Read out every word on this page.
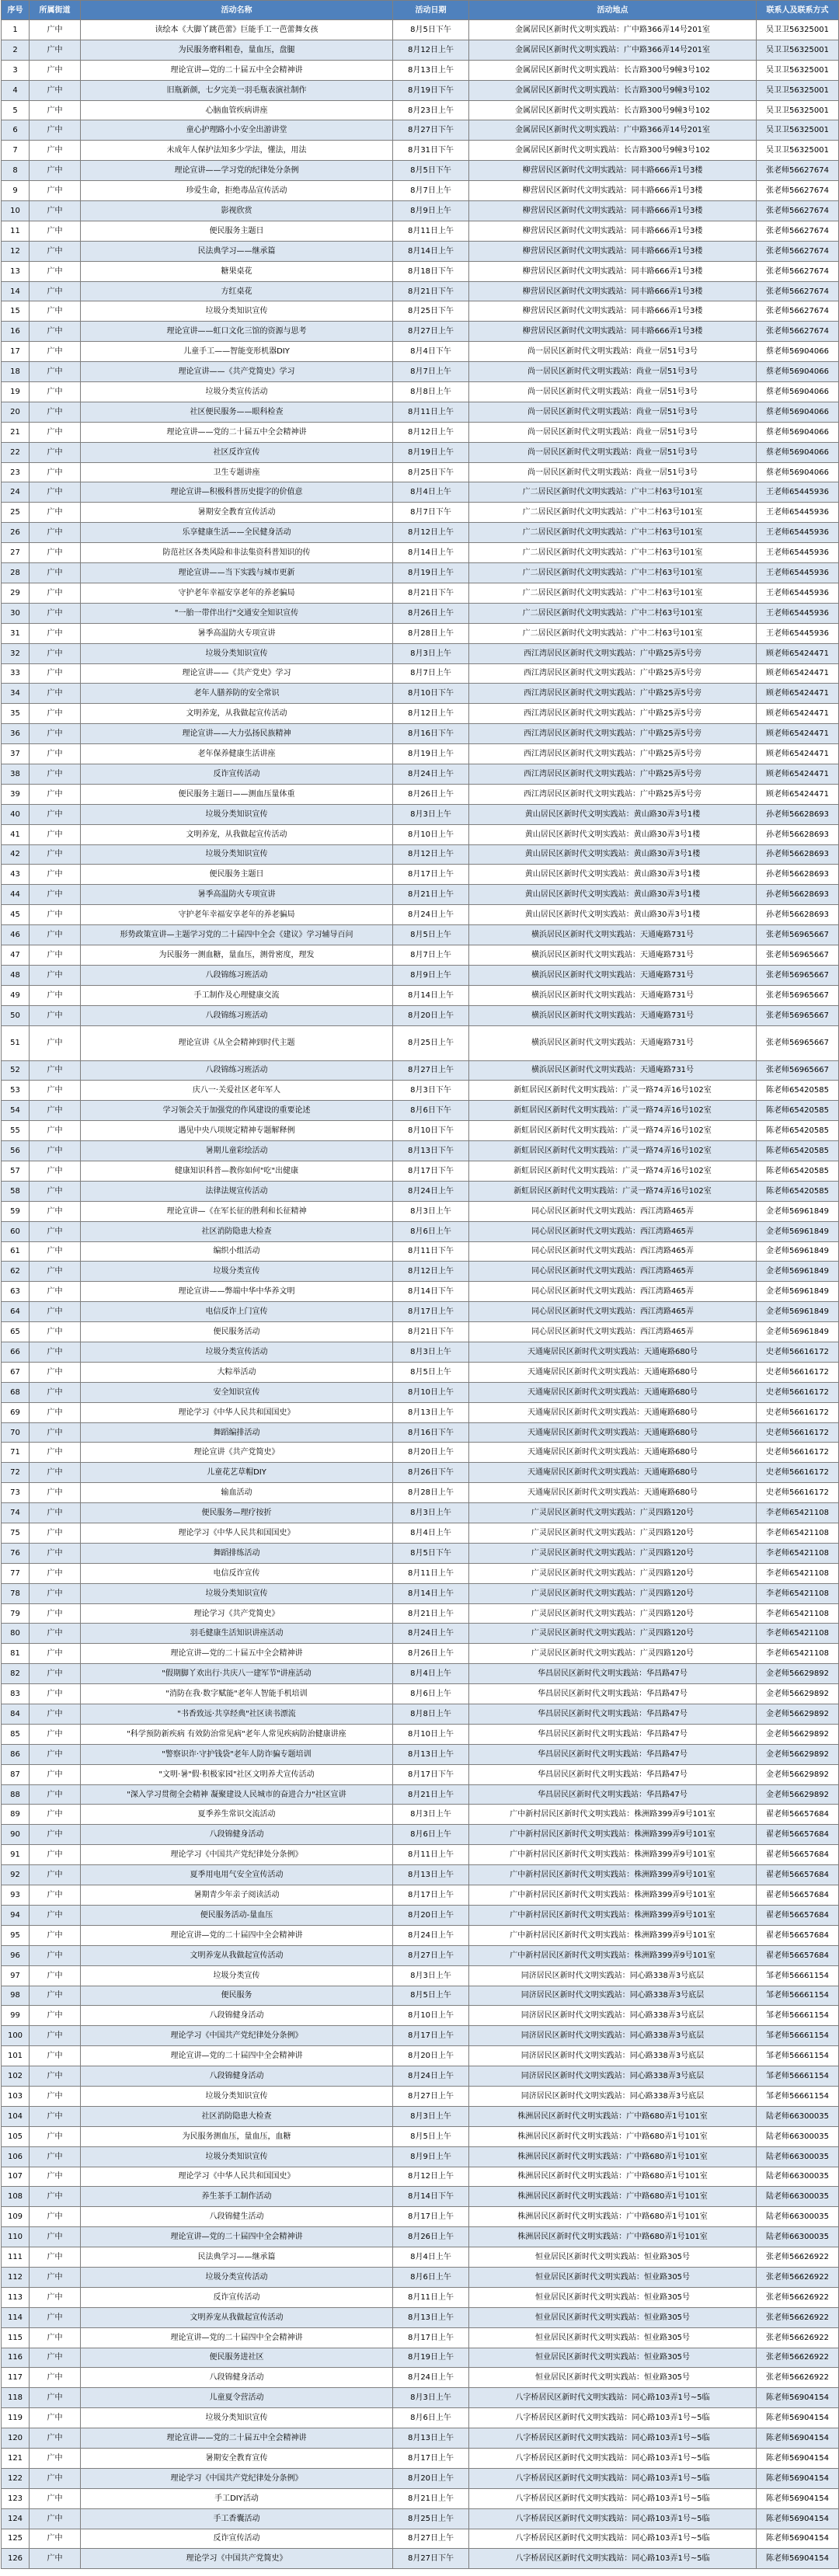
序号	所属街道	活动名称	活动日期	活动地点	联系人及联系方式
1	广中	读绘本《大脚丫跳芭蕾》巨能手工一芭蕾舞女孩	8月5日下午	金属居民区新时代文明实践站：广中路366弄14号201室	吴卫卫56325001
2	广中	为民服务磨料粗卷，量血压，盘腿	8月12日上午	金属居民区新时代文明实践站：广中路366弄14号201室	吴卫卫56325001
3	广中	理论宣讲—党的二十届五中全会精神讲	8月13日上午	金属居民区新时代文明实践站：长吉路300号9幢3号102	吴卫卫56325001
4	广中	旧瓶新颜，七夕完美一羽毛瓶表演社制作	8月19日下午	金属居民区新时代文明实践站：长吉路300号9幢3号102	吴卫卫56325001
5	广中	心脑血管疾病讲座	8月23日上午	金属居民区新时代文明实践站：长吉路300号9幢3号102	吴卫卫56325001
6	广中	童心护理路小小安全出游讲堂	8月27日下午	金属居民区新时代文明实践站：广中路366弄14号201室	吴卫卫56325001
7	广中	未成年人保护法知多少学法，懂法，用法	8月31日下午	金属居民区新时代文明实践站：长吉路300号9幢3号102	吴卫卫56325001
8	广中	理论宣讲——学习党的纪律处分条例	8月5日下午	柳营居民区新时代文明实践站：同丰路666弄1号3楼	张老师56627674
9	广中	珍爱生命，拒绝毒品宣传活动	8月7日上午	柳营居民区新时代文明实践站：同丰路666弄1号3楼	张老师56627674
10	广中	影视欣赏	8月9日上午	柳营居民区新时代文明实践站：同丰路666弄1号3楼	张老师56627674
11	广中	便民服务主题日	8月11日上午	柳营居民区新时代文明实践站：同丰路666弄1号3楼	张老师56627674
12	广中	民法典学习——继承篇	8月14日上午	柳营居民区新时代文明实践站：同丰路666弄1号3楼	张老师56627674
13	广中	糖果桌花	8月18日下午	柳营居民区新时代文明实践站：同丰路666弄1号3楼	张老师56627674
14	广中	方红桌花	8月21日下午	柳营居民区新时代文明实践站：同丰路666弄1号3楼	张老师56627674
15	广中	垃圾分类知识宣传	8月25日下午	柳营居民区新时代文明实践站：同丰路666弄1号3楼	张老师56627674
16	广中	理论宣讲——虹口文化三馆的资源与思考	8月27日上午	柳营居民区新时代文明实践站：同丰路666弄1号3楼	张老师56627674
17	广中	儿童手工——智能变形机器DIY	8月4日下午	尚一居民区新时代文明实践站：尚业一居51号3号	蔡老师56904066
18	广中	理论宣讲——《共产党简史》学习	8月7日上午	尚一居民区新时代文明实践站：尚业一居51号3号	蔡老师56904066
19	广中	垃圾分类宣传活动	8月8日上午	尚一居民区新时代文明实践站：尚业一居51号3号	蔡老师56904066
20	广中	社区便民服务——眼科检查	8月11日上午	尚一居民区新时代文明实践站：尚业一居51号3号	蔡老师56904066
21	广中	理论宣讲——党的二十届五中全会精神讲	8月12日上午	尚一居民区新时代文明实践站：尚业一居51号3号	蔡老师56904066
22	广中	社区反诈宣传	8月19日上午	尚一居民区新时代文明实践站：尚业一居51号3号	蔡老师56904066
23	广中	卫生专题讲座	8月25日下午	尚一居民区新时代文明实践站：尚业一居51号3号	蔡老师56904066
24	广中	理论宣讲—积极科普历史提字的价值意	8月4日上午	广二居民区新时代文明实践站：广中二村63号101室	王老师65445936
25	广中	暑期安全教育宣传活动	8月7日下午	广二居民区新时代文明实践站：广中二村63号101室	王老师65445936
26	广中	乐享健康生活——全民健身活动	8月12日上午	广二居民区新时代文明实践站：广中二村63号101室	王老师65445936
27	广中	防范社区各类风险和非法集资科普知识的传	8月14日上午	广二居民区新时代文明实践站：广中二村63号101室	王老师65445936
28	广中	理论宣讲——当下实践与城市更新	8月19日上午	广二居民区新时代文明实践站：广中二村63号101室	王老师65445936
29	广中	守护老年幸福安享老年的养老骗局	8月21日下午	广二居民区新时代文明实践站：广中二村63号101室	王老师65445936
30	广中	"一胎一带伴出行"交通安全知识宣传	8月26日上午	广二居民区新时代文明实践站：广中二村63号101室	王老师65445936
31	广中	暑季高温防火专项宣讲	8月28日上午	广二居民区新时代文明实践站：广中二村63号101室	王老师65445936
32	广中	垃圾分类知识宣传	8月3日上午	西江湾居民区新时代文明实践站：广中路25弄5号旁	顾老师65424471
33	广中	理论宣讲——《共产党史》学习	8月7日上午	西江湾居民区新时代文明实践站：广中路25弄5号旁	顾老师65424471
34	广中	老年人膳养防的安全常识	8月10日下午	西江湾居民区新时代文明实践站：广中路25弄5号旁	顾老师65424471
35	广中	文明养宠，从我做起宣传活动	8月12日上午	西江湾居民区新时代文明实践站：广中路25弄5号旁	顾老师65424471
36	广中	理论宣讲——大力弘扬民族精神	8月16日下午	西江湾居民区新时代文明实践站：广中路25弄5号旁	顾老师65424471
37	广中	老年保养健康生活讲座	8月19日上午	西江湾居民区新时代文明实践站：广中路25弄5号旁	顾老师65424471
38	广中	反诈宣传活动	8月24日上午	西江湾居民区新时代文明实践站：广中路25弄5号旁	顾老师65424471
39	广中	便民服务主题日——测血压量体重	8月26日上午	西江湾居民区新时代文明实践站：广中路25弄5号旁	顾老师65424471
40	广中	垃圾分类知识宣传	8月3日上午	黄山居民区新时代文明实践站：黄山路30弄3号1楼	孙老师56628693
41	广中	文明养宠，从我做起宣传活动	8月10日上午	黄山居民区新时代文明实践站：黄山路30弄3号1楼	孙老师56628693
42	广中	垃圾分类知识宣传	8月12日上午	黄山居民区新时代文明实践站：黄山路30弄3号1楼	孙老师56628693
43	广中	便民服务主题日	8月17日上午	黄山居民区新时代文明实践站：黄山路30弄3号1楼	孙老师56628693
44	广中	暑季高温防火专项宣讲	8月21日上午	黄山居民区新时代文明实践站：黄山路30弄3号1楼	孙老师56628693
45	广中	守护老年幸福安享老年的养老骗局	8月24日上午	黄山居民区新时代文明实践站：黄山路30弄3号1楼	孙老师56628693
46	广中	形势政策宣讲—主题学习党的二十届四中全会《建议》学习辅导百问	8月5日上午	横浜居民区新时代文明实践站：天通庵路731号	张老师56965667
47	广中	为民服务一测血糖，量血压，测骨密度，理发	8月7日上午	横浜居民区新时代文明实践站：天通庵路731号	张老师56965667
48	广中	八段锦练习班活动	8月9日上午	横浜居民区新时代文明实践站：天通庵路731号	张老师56965667
49	广中	手工制作及心理健康交流	8月14日上午	横浜居民区新时代文明实践站：天通庵路731号	张老师56965667
50	广中	八段锦练习班活动	8月20日上午	横浜居民区新时代文明实践站：天通庵路731号	张老师56965667
51	广中	理论宣讲《从全会精神到时代主题	8月25日上午	横浜居民区新时代文明实践站：天通庵路731号	张老师56965667
52	广中	八段锦练习班活动	8月27日上午	横浜居民区新时代文明实践站：天通庵路731号	张老师56965667
53	广中	庆八一·关爱社区老年军人	8月3日下午	新虹居民区新时代文明实践站：广灵一路74弄16号102室	陈老师65420585
54	广中	学习领会关于加强党的作风建设的重要论述	8月6日下午	新虹居民区新时代文明实践站：广灵一路74弄16号102室	陈老师65420585
55	广中	遇见中央八项规定精神专题解释例	8月10日下午	新虹居民区新时代文明实践站：广灵一路74弄16号102室	陈老师65420585
56	广中	暑期儿童彩绘活动	8月13日下午	新虹居民区新时代文明实践站：广灵一路74弄16号102室	陈老师65420585
57	广中	健康知识科普—教你如何"吃"出健康	8月17日下午	新虹居民区新时代文明实践站：广灵一路74弄16号102室	陈老师65420585
58	广中	法律法规宣传活动	8月24日上午	新虹居民区新时代文明实践站：广灵一路74弄16号102室	陈老师65420585
59	广中	理论宣讲—《在军长征的胜利和长征精神	8月3日上午	同心居民区新时代文明实践站：西江湾路465弄	金老师56961849
60	广中	社区消防隐患大检查	8月6日上午	同心居民区新时代文明实践站：西江湾路465弄	金老师56961849
61	广中	编织小组活动	8月11日下午	同心居民区新时代文明实践站：西江湾路465弄	金老师56961849
62	广中	垃圾分类宣传	8月12日上午	同心居民区新时代文明实践站：西江湾路465弄	金老师56961849
63	广中	理论宣讲——弊端中华中华养文明	8月14日下午	同心居民区新时代文明实践站：西江湾路465弄	金老师56961849
64	广中	电信反诈上门宣传	8月17日上午	同心居民区新时代文明实践站：西江湾路465弄	金老师56961849
65	广中	便民服务活动	8月21日下午	同心居民区新时代文明实践站：西江湾路465弄	金老师56961849
66	广中	垃圾分类宣传活动	8月3日上午	天通庵居民区新时代文明实践站：天通庵路680号	史老师56616172
67	广中	大粽举活动	8月5日上午	天通庵居民区新时代文明实践站：天通庵路680号	史老师56616172
68	广中	安全知识宣传	8月10日上午	天通庵居民区新时代文明实践站：天通庵路680号	史老师56616172
69	广中	理论学习《中华人民共和国国史》	8月13日上午	天通庵居民区新时代文明实践站：天通庵路680号	史老师56616172
70	广中	舞蹈编排活动	8月16日下午	天通庵居民区新时代文明实践站：天通庵路680号	史老师56616172
71	广中	理论宣讲《共产党简史》	8月20日上午	天通庵居民区新时代文明实践站：天通庵路680号	史老师56616172
72	广中	儿童花艺草帽DIY	8月26日下午	天通庵居民区新时代文明实践站：天通庵路680号	史老师56616172
73	广中	输血活动	8月28日上午	天通庵居民区新时代文明实践站：天通庵路680号	史老师56616172
74	广中	便民服务—理疗按折	8月3日上午	广灵居民区新时代文明实践站：广灵四路120号	李老师65421108
75	广中	理论学习《中华人民共和国国史》	8月4日上午	广灵居民区新时代文明实践站：广灵四路120号	李老师65421108
76	广中	舞蹈排练活动	8月5日下午	广灵居民区新时代文明实践站：广灵四路120号	李老师65421108
77	广中	电信反诈宣传	8月11日上午	广灵居民区新时代文明实践站：广灵四路120号	李老师65421108
78	广中	垃圾分类知识宣传	8月14日上午	广灵居民区新时代文明实践站：广灵四路120号	李老师65421108
79	广中	理论学习《共产党简史》	8月21日上午	广灵居民区新时代文明实践站：广灵四路120号	李老师65421108
80	广中	羽毛健康生活知识讲座活动	8月24日上午	广灵居民区新时代文明实践站：广灵四路120号	李老师65421108
81	广中	理论宣讲—党的二十届五中全会精神讲	8月26日上午	广灵居民区新时代文明实践站：广灵四路120号	李老师65421108
82	广中	"假期脚丫欢出行·共庆八一建军节"讲座活动	8月4日上午	华昌居民区新时代文明实践站：华昌路47号	金老师56629892
83	广中	"消防在我·数字赋能"老年人智能手机培训	8月6日上午	华昌居民区新时代文明实践站：华昌路47号	金老师56629892
84	广中	"书香致远·共享经典"社区读书漂流	8月8日上午	华昌居民区新时代文明实践站：华昌路47号	金老师56629892
85	广中	"科学预防新疾病 有效防治常见病"老年人常见疾病防治健康讲座	8月10日上午	华昌居民区新时代文明实践站：华昌路47号	金老师56629892
86	广中	"警察识诈·守护钱袋"老年人防诈骗专题培训	8月13日上午	华昌居民区新时代文明实践站：华昌路47号	金老师56629892
87	广中	"文明·暑"假·积极家园"社区文明养犬宣传活动	8月17日下午	华昌居民区新时代文明实践站：华昌路47号	金老师56629892
88	广中	"深入学习贯彻全会精神 凝聚建设人民城市的奋进合力"社区宣讲	8月21日上午	华昌居民区新时代文明实践站：华昌路47号	金老师56629892
89	广中	夏季养生常识交流活动	8月3日上午	广中新村居民区新时代文明实践站：株洲路399弄9号101室	翟老师56657684
90	广中	八段锦健身活动	8月6日上午	广中新村居民区新时代文明实践站：株洲路399弄9号101室	翟老师56657684
91	广中	理论学习《中国共产党纪律处分条例》	8月11日上午	广中新村居民区新时代文明实践站：株洲路399弄9号101室	翟老师56657684
92	广中	夏季用电用气安全宣传活动	8月13日上午	广中新村居民区新时代文明实践站：株洲路399弄9号101室	翟老师56657684
93	广中	暑期青少年亲子阅读活动	8月17日上午	广中新村居民区新时代文明实践站：株洲路399弄9号101室	翟老师56657684
94	广中	便民服务活动-量血压	8月20日上午	广中新村居民区新时代文明实践站：株洲路399弄9号101室	翟老师56657684
95	广中	理论宣讲—党的二十届四中全会精神讲	8月24日上午	广中新村居民区新时代文明实践站：株洲路399弄9号101室	翟老师56657684
96	广中	文明养宠从我做起宣传活动	8月27日上午	广中新村居民区新时代文明实践站：株洲路399弄9号101室	翟老师56657684
97	广中	垃圾分类宣传	8月3日上午	同济居民区新时代文明实践站：同心路338弄3号底层	邹老师56661154
98	广中	便民服务	8月5日上午	同济居民区新时代文明实践站：同心路338弄3号底层	邹老师56661154
99	广中	八段锦健身活动	8月10日上午	同济居民区新时代文明实践站：同心路338弄3号底层	邹老师56661154
100	广中	理论学习《中国共产党纪律处分条例》	8月17日上午	同济居民区新时代文明实践站：同心路338弄3号底层	邹老师56661154
101	广中	理论宣讲—党的二十届四中全会精神讲	8月20日上午	同济居民区新时代文明实践站：同心路338弄3号底层	邹老师56661154
102	广中	八段锦健身活动	8月24日上午	同济居民区新时代文明实践站：同心路338弄3号底层	邹老师56661154
103	广中	垃圾分类知识宣传	8月27日上午	同济居民区新时代文明实践站：同心路338弄3号底层	邹老师56661154
104	广中	社区消防隐患大检查	8月3日上午	株洲居民区新时代文明实践站：广中路680弄1号101室	陆老师66300035
105	广中	为民服务测血压，量血压，血糖	8月5日上午	株洲居民区新时代文明实践站：广中路680弄1号101室	陆老师66300035
106	广中	垃圾分类知识宣传	8月9日上午	株洲居民区新时代文明实践站：广中路680弄1号101室	陆老师66300035
107	广中	理论学习《中华人民共和国国史》	8月12日上午	株洲居民区新时代文明实践站：广中路680弄1号101室	陆老师66300035
108	广中	养生茶手工制作活动	8月14日下午	株洲居民区新时代文明实践站：广中路680弄1号101室	陆老师66300035
109	广中	八段锦健生活动	8月17日上午	株洲居民区新时代文明实践站：广中路680弄1号101室	陆老师66300035
110	广中	理论宣讲—党的二十届四中全会精神讲	8月26日上午	株洲居民区新时代文明实践站：广中路680弄1号101室	陆老师66300035
111	广中	民法典学习——继承篇	8月4日上午	恒业居民区新时代文明实践站：恒业路305号	张老师56626922
112	广中	垃圾分类宣传活动	8月6日上午	恒业居民区新时代文明实践站：恒业路305号	张老师56626922
113	广中	反诈宣传活动	8月11日上午	恒业居民区新时代文明实践站：恒业路305号	张老师56626922
114	广中	文明养宠从我做起宣传活动	8月13日上午	恒业居民区新时代文明实践站：恒业路305号	张老师56626922
115	广中	理论宣讲—党的二十届四中全会精神讲	8月17日上午	恒业居民区新时代文明实践站：恒业路305号	张老师56626922
116	广中	便民服务进社区	8月19日上午	恒业居民区新时代文明实践站：恒业路305号	张老师56626922
117	广中	八段锦健身活动	8月24日上午	恒业居民区新时代文明实践站：恒业路305号	张老师56626922
118	广中	儿童夏令营活动	8月3日上午	八字桥居民区新时代文明实践站：同心路103弄1号~5临	陈老师56904154
119	广中	垃圾分类知识宣传	8月6日上午	八字桥居民区新时代文明实践站：同心路103弄1号~5临	陈老师56904154
120	广中	理论宣讲——党的二十届五中全会精神讲	8月13日上午	八字桥居民区新时代文明实践站：同心路103弄1号~5临	陈老师56904154
121	广中	暑期安全教育宣传	8月17日上午	八字桥居民区新时代文明实践站：同心路103弄1号~5临	陈老师56904154
122	广中	理论学习《中国共产党纪律处分条例》	8月20日上午	八字桥居民区新时代文明实践站：同心路103弄1号~5临	陈老师56904154
123	广中	手工DIY活动	8月21日上午	八字桥居民区新时代文明实践站：同心路103弄1号~5临	陈老师56904154
124	广中	手工香囊活动	8月25日上午	八字桥居民区新时代文明实践站：同心路103弄1号~5临	陈老师56904154
125	广中	反诈宣传活动	8月27日上午	八字桥居民区新时代文明实践站：同心路103弄1号~5临	陈老师56904154
126	广中	理论学习《中国共产党简史》	8月27日下午	八字桥居民区新时代文明实践站：同心路103弄1号~5临	陈老师56904154
